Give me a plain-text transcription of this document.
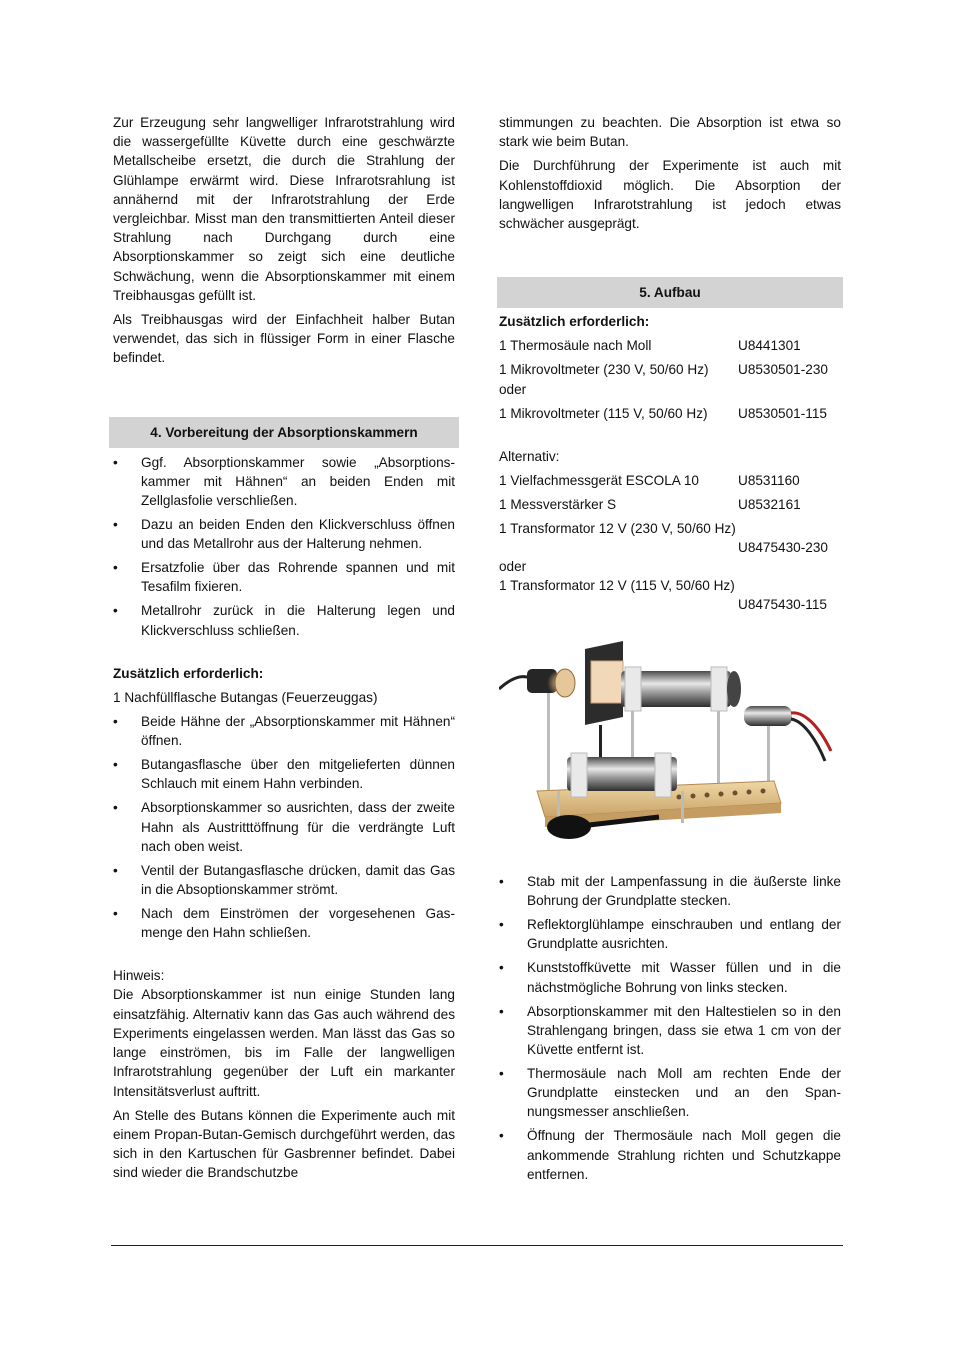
Zur Erzeugung sehr langwelliger Infrarotstrahlung wird die wassergefüllte Küvette durch eine geschwärzte Metallscheibe ersetzt, die durch die Strahlung der Glühlampe erwärmt wird. Diese Infrarotsrahlung ist annähernd mit der Infrarotstrahlung der Erde vergleichbar. Misst man den transmittierten Anteil dieser Strahlung nach Durchgang durch eine Absorptionskammer so zeigt sich eine deutliche Schwächung, wenn die Absorptionskammer mit einem Treibhausgas gefüllt ist.

Als Treibhausgas wird der Einfachheit halber Butan verwendet, das sich in flüssiger Form in einer Flasche befindet.

4. Vorbereitung der Absorptionskammern
• Ggf. Absorptionskammer sowie „Absorptionskammer mit Hähnen“ an beiden Enden mit Zellglasfolie verschließen.
• Dazu an beiden Enden den Klickverschluss öffnen und das Metallrohr aus der Halterung nehmen.
• Ersatzfolie über das Rohrende spannen und mit Tesafilm fixieren.
• Metallrohr zurück in die Halterung legen und Klickverschluss schließen.

Zusätzlich erforderlich:

1 Nachfüllflasche Butangas (Feuerzeuggas)

• Beide Hähne der „Absorptionskammer mit Hähnen“ öffnen.
• Butangasflasche über den mitgelieferten dünnen Schlauch mit einem Hahn verbinden.
• Absorptionskammer so ausrichten, dass der zweite Hahn als Austritttöffnung für die verdrängte Luft nach oben weist.
• Ventil der Butangasflasche drücken, damit das Gas in die Absoptionskammer strömt.
• Nach dem Einströmen der vorgesehenen Gasmenge den Hahn schließen.
Hinweis:

Die Absorptionskammer ist nun einige Stunden lang einsatzfähig. Alternativ kann das Gas auch während des Experiments eingelassen werden. Man lässt das Gas so lange einströmen, bis im Falle der langwelligen Infrarotstrahlung gegenüber der Luft ein markanter Intensitätsverlust auftritt.

An Stelle des Butans können die Experimente auch mit einem Propan-Butan-Gemisch durchgeführt werden, das sich in den Kartuschen für Gasbrenner befindet. Dabei sind wieder die Brandschutzbe

stimmungen zu beachten. Die Absorption ist etwa so stark wie beim Butan.

Die Durchführung der Experimente ist auch mit Kohlenstoffdioxid möglich. Die Absorption der langwelligen Infrarotstrahlung ist jedoch etwas schwächer ausgeprägt.

5. Aufbau

Zusätzlich erforderlich:

1 Thermosäule nach Moll	U8441301
1 Mikrovoltmeter (230 V, 50/60 Hz)	U8530501-230
oder
1 Mikrovoltmeter (115 V, 50/60 Hz)	U8530501-115
Alternativ:
1 Vielfachmessgerät ESCOLA 10	U8531160
1 Messverstärker S	U8532161
1 Transformator 12 V (230 V, 50/60 Hz)
U8475430-230
oder
1 Transformator 12 V (115 V, 50/60 Hz)
U8475430-115
• Stab mit der Lampenfassung in die äußerste linke Bohrung der Grundplatte stecken.
• Reflektorglühlampe einschrauben und entlang der Grundplatte ausrichten.
• Kunststoffküvette mit Wasser füllen und in die nächstmögliche Bohrung von links stecken.
• Absorptionskammer mit den Haltestielen so in den Strahlengang bringen, dass sie etwa 1 cm von der Küvette entfernt ist.
• Thermosäule nach Moll am rechten Ende der Grundplatte einstecken und an den Spannungsmesser anschließen.
• Öffnung der Thermosäule nach Moll gegen die ankommende Strahlung richten und Schutzkappe entfernen.
